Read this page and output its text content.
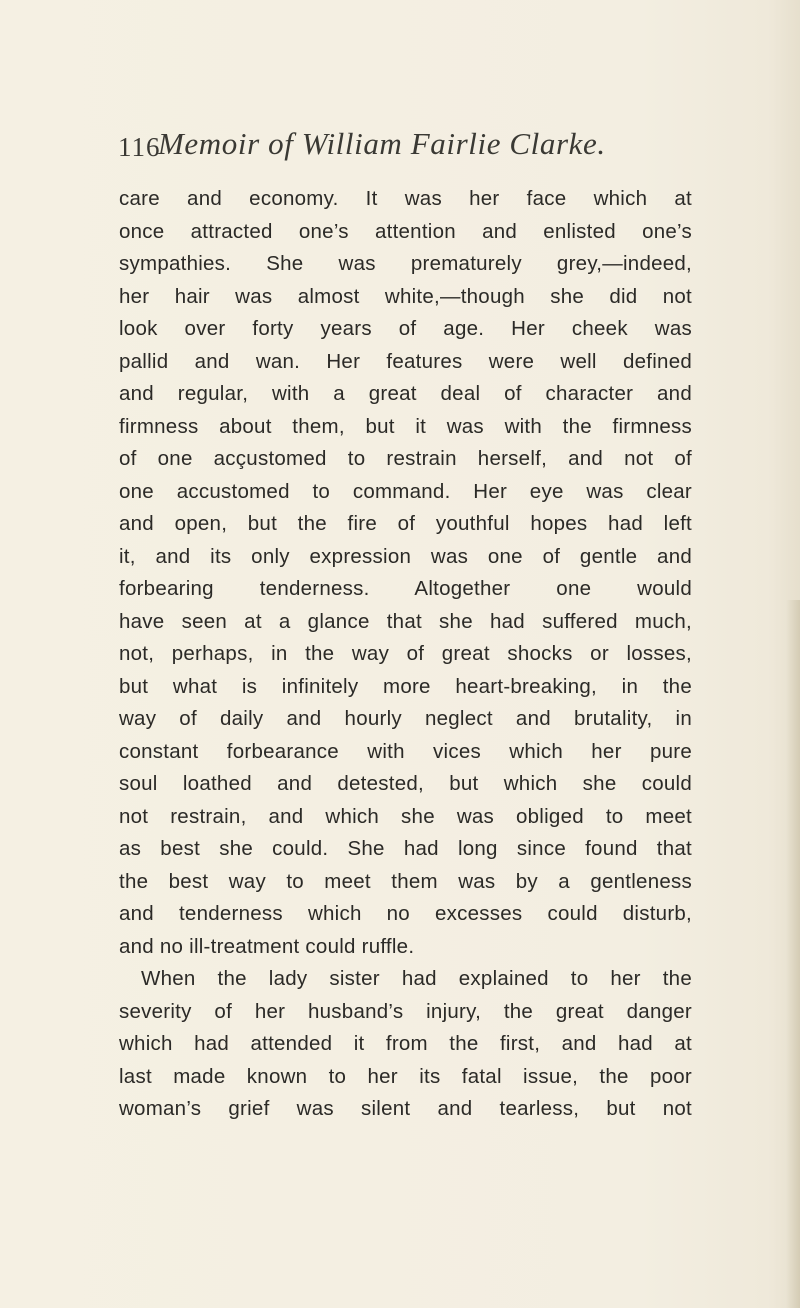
116
Memoir of William Fairlie Clarke.
care and economy. It was her face which at
once attracted one’s attention and enlisted one’s
sympathies. She was prematurely grey,—indeed,
her hair was almost white,—though she did not
look over forty years of age. Her cheek was
pallid and wan. Her features were well defined
and regular, with a great deal of character and
firmness about them, but it was with the firmness
of one acçustomed to restrain herself, and not of
one accustomed to command. Her eye was clear
and open, but the fire of youthful hopes had left
it, and its only expression was one of gentle and
forbearing tenderness. Altogether one would
have seen at a glance that she had suffered much,
not, perhaps, in the way of great shocks or losses,
but what is infinitely more heart-breaking, in the
way of daily and hourly neglect and brutality, in
constant forbearance with vices which her pure
soul loathed and detested, but which she could
not restrain, and which she was obliged to meet
as best she could. She had long since found that
the best way to meet them was by a gentleness
and tenderness which no excesses could disturb,
and no ill-treatment could ruffle.
When the lady sister had explained to her the
severity of her husband’s injury, the great danger
which had attended it from the first, and had at
last made known to her its fatal issue, the poor
woman’s grief was silent and tearless, but not
